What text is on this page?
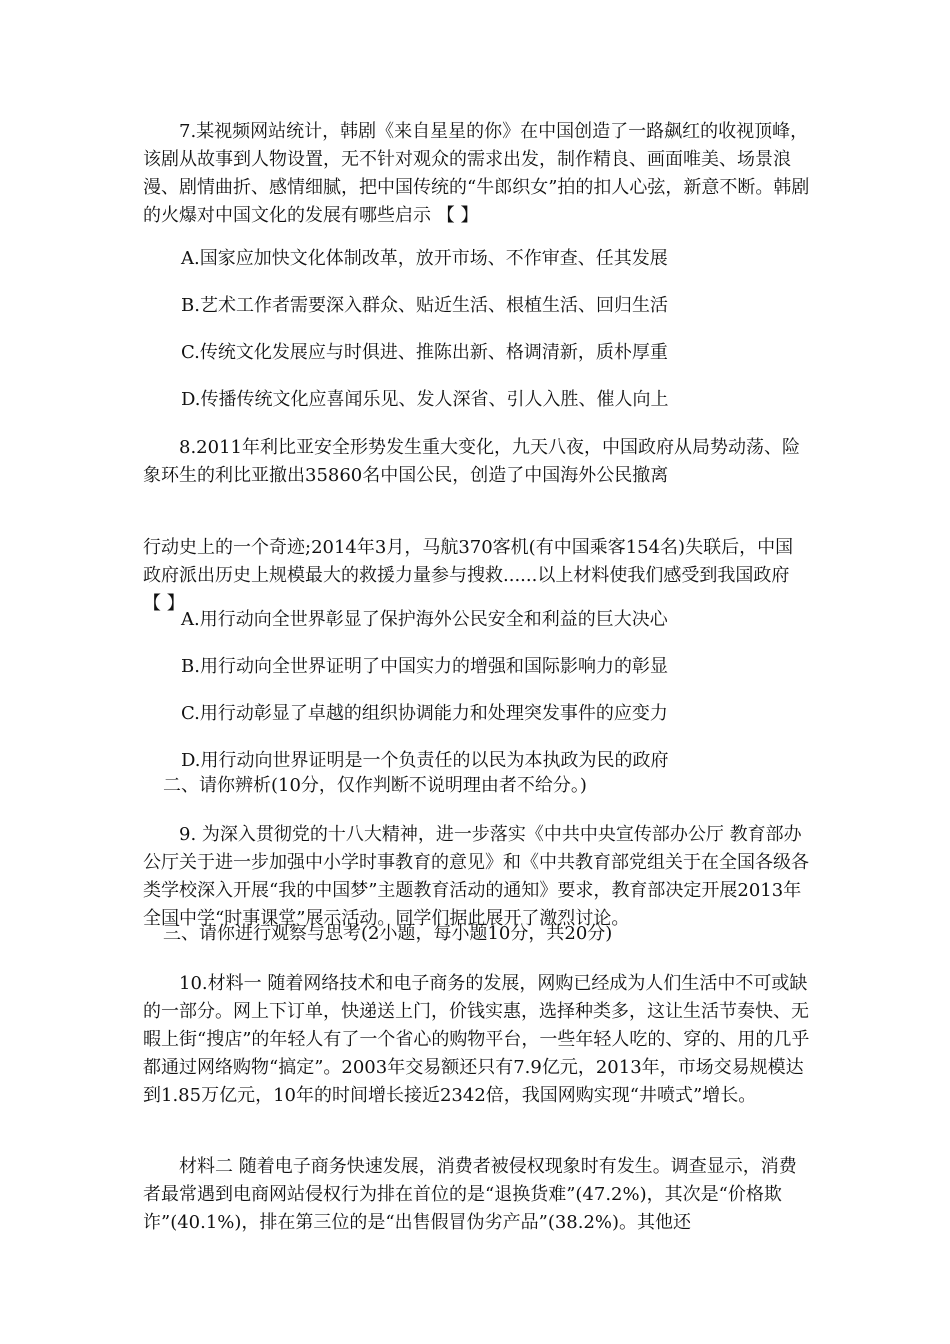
7.某视频网站统计，韩剧《来自星星的你》在中国创造了一路飙红的收视顶峰，该剧从故事到人物设置，无不针对观众的需求出发，制作精良、画面唯美、场景浪漫、剧情曲折、感情细腻，把中国传统的“牛郎织女”拍的扣人心弦，新意不断。韩剧的火爆对中国文化的发展有哪些启示 【 】

A.国家应加快文化体制改革，放开市场、不作审查、任其发展

B.艺术工作者需要深入群众、贴近生活、根植生活、回归生活

C.传统文化发展应与时俱进、推陈出新、格调清新，质朴厚重

D.传播传统文化应喜闻乐见、发人深省、引人入胜、催人向上

8.2011年利比亚安全形势发生重大变化，九天八夜，中国政府从局势动荡、险象环生的利比亚撤出35860名中国公民，创造了中国海外公民撤离

行动史上的一个奇迹;2014年3月，马航370客机(有中国乘客154名)失联后，中国政府派出历史上规模最大的救援力量参与搜救......以上材料使我们感受到我国政府 【 】

A.用行动向全世界彰显了保护海外公民安全和利益的巨大决心

B.用行动向全世界证明了中国实力的增强和国际影响力的彰显

C.用行动彰显了卓越的组织协调能力和处理突发事件的应变力

D.用行动向世界证明是一个负责任的以民为本执政为民的政府

二、请你辨析(10分，仅作判断不说明理由者不给分。)

9. 为深入贯彻党的十八大精神，进一步落实《中共中央宣传部办公厅 教育部办公厅关于进一步加强中小学时事教育的意见》和《中共教育部党组关于在全国各级各类学校深入开展“我的中国梦”主题教育活动的通知》要求，教育部决定开展2013年全国中学“时事课堂”展示活动。同学们据此展开了激烈讨论。

三、请你进行观察与思考(2小题，每小题10分，共20分)

10.材料一 随着网络技术和电子商务的发展，网购已经成为人们生活中不可或缺的一部分。网上下订单，快递送上门，价钱实惠，选择种类多，这让生活节奏快、无暇上街“搜店”的年轻人有了一个省心的购物平台，一些年轻人吃的、穿的、用的几乎都通过网络购物“搞定”。2003年交易额还只有7.9亿元，2013年，市场交易规模达到1.85万亿元，10年的时间增长接近2342倍，我国网购实现“井喷式”增长。

材料二 随着电子商务快速发展，消费者被侵权现象时有发生。调查显示，消费者最常遇到电商网站侵权行为排在首位的是“退换货难”(47.2%)，其次是“价格欺诈”(40.1%)，排在第三位的是“出售假冒伪劣产品”(38.2%)。其他还
